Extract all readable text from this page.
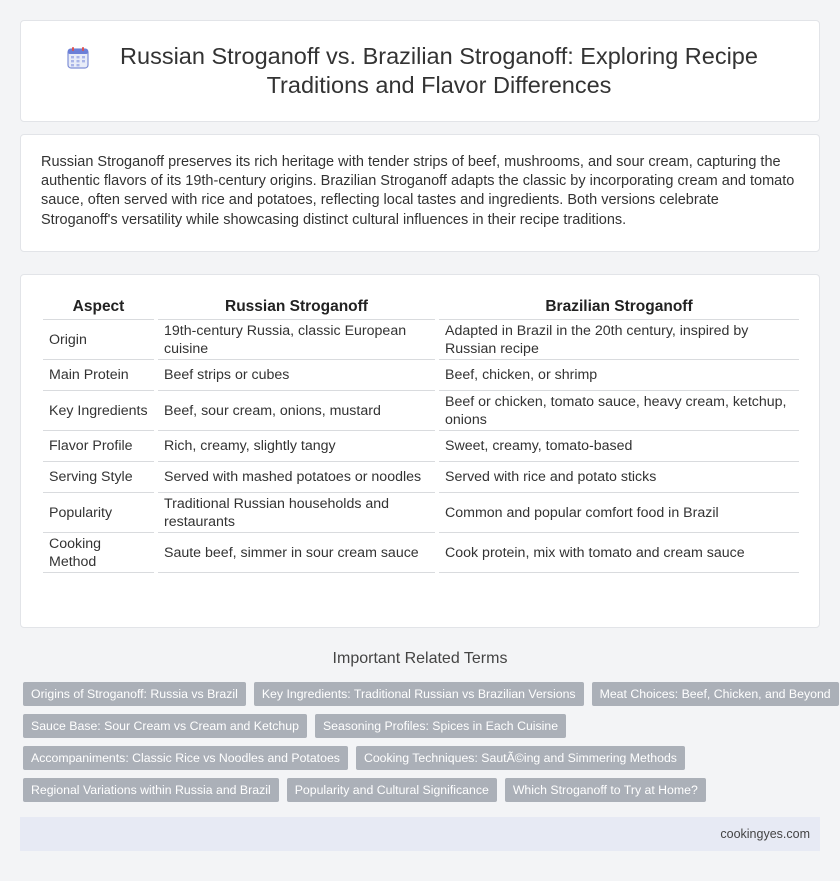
Russian Stroganoff vs. Brazilian Stroganoff: Exploring Recipe Traditions and Flavor Differences

Russian Stroganoff preserves its rich heritage with tender strips of beef, mushrooms, and sour cream, capturing the authentic flavors of its 19th-century origins. Brazilian Stroganoff adapts the classic by incorporating cream and tomato sauce, often served with rice and potatoes, reflecting local tastes and ingredients. Both versions celebrate Stroganoff's versatility while showcasing distinct cultural influences in their recipe traditions.

Aspect		Russian Stroganoff		Brazilian Stroganoff
Origin		19th-century Russia, classic European cuisine		Adapted in Brazil in the 20th century, inspired by Russian recipe
Main Protein		Beef strips or cubes		Beef, chicken, or shrimp
Key Ingredients		Beef, sour cream, onions, mustard		Beef or chicken, tomato sauce, heavy cream, ketchup, onions
Flavor Profile		Rich, creamy, slightly tangy		Sweet, creamy, tomato-based
Serving Style		Served with mashed potatoes or noodles		Served with rice and potato sticks
Popularity		Traditional Russian households and restaurants		Common and popular comfort food in Brazil
Cooking Method		Saute beef, simmer in sour cream sauce		Cook protein, mix with tomato and cream sauce
Important Related Terms
Origins of Stroganoff: Russia vs Brazil	Key Ingredients: Traditional Russian vs Brazilian Versions	Meat Choices: Beef, Chicken, and Beyond
Sauce Base: Sour Cream vs Cream and Ketchup	Seasoning Profiles: Spices in Each Cuisine
Accompaniments: Classic Rice vs Noodles and Potatoes	Cooking Techniques: SautÃ©ing and Simmering Methods
Regional Variations within Russia and Brazil	Popularity and Cultural Significance	Which Stroganoff to Try at Home?
cookingyes.com
